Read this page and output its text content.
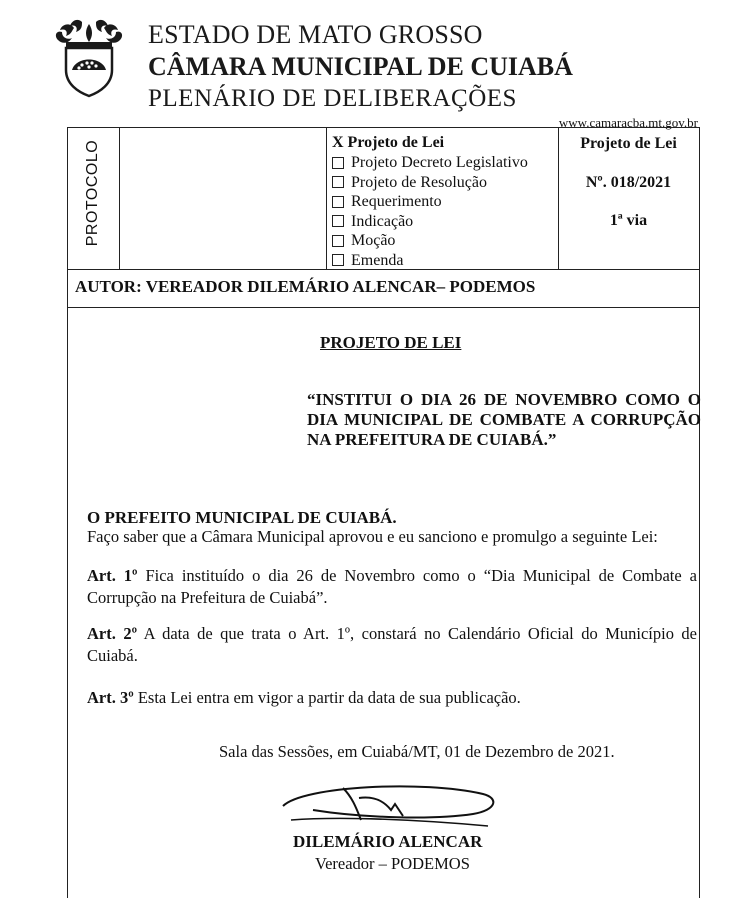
ESTADO DE MATO GROSSO
CÂMARA MUNICIPAL DE CUIABÁ
PLENÁRIO DE DELIBERAÇÕES
www.camaracba.mt.gov.br
PROTOCOLO	X Projeto de Lei
Projeto Decreto Legislativo
Projeto de Resolução
Requerimento
Indicação
Moção
Emenda
Projeto de Lei
Nº. 018/2021
1ª via
AUTOR: VEREADOR DILEMÁRIO ALENCAR– PODEMOS
PROJETO DE LEI
“INSTITUI O DIA 26 DE NOVEMBRO COMO O DIA MUNICIPAL DE COMBATE A CORRUPÇÃO NA PREFEITURA DE CUIABÁ.”
O PREFEITO MUNICIPAL DE CUIABÁ.
Faço saber que a Câmara Municipal aprovou e eu sanciono e promulgo a seguinte Lei:
Art. 1º Fica instituído o dia 26 de Novembro como o “Dia Municipal de Combate a Corrupção na Prefeitura de Cuiabá”.
Art. 2º A data de que trata o Art. 1º, constará no Calendário Oficial do Município de Cuiabá.
Art. 3º Esta Lei entra em vigor a partir da data de sua publicação.
Sala das Sessões, em Cuiabá/MT, 01 de Dezembro de 2021.
DILEMÁRIO ALENCAR
Vereador – PODEMOS
